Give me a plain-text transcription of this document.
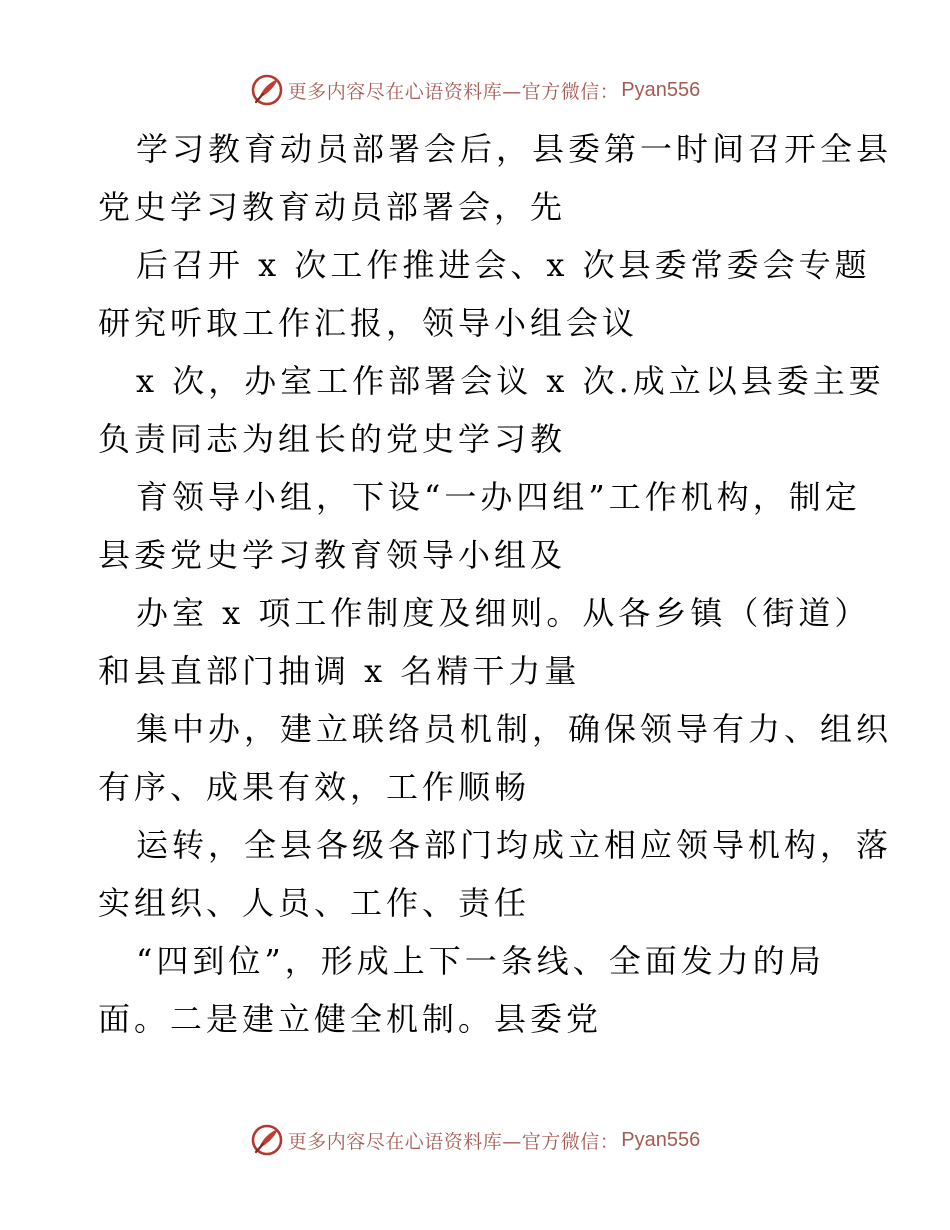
更多内容尽在心语资料库—官方微信： Pyan556

学习教育动员部署会后，县委第一时间召开全县

党史学习教育动员部署会，先

后召开 x 次工作推进会、x 次县委常委会专题

研究听取工作汇报，领导小组会议

x 次，办室工作部署会议 x 次.成立以县委主要

负责同志为组长的党史学习教

育领导小组，下设“一办四组”工作机构，制定

县委党史学习教育领导小组及

办室 x 项工作制度及细则。从各乡镇（街道）

和县直部门抽调 x 名精干力量

集中办，建立联络员机制，确保领导有力、组织

有序、成果有效，工作顺畅

运转，全县各级各部门均成立相应领导机构，落

实组织、人员、工作、责任

“四到位”，形成上下一条线、全面发力的局

面。二是建立健全机制。县委党

更多内容尽在心语资料库—官方微信： Pyan556
